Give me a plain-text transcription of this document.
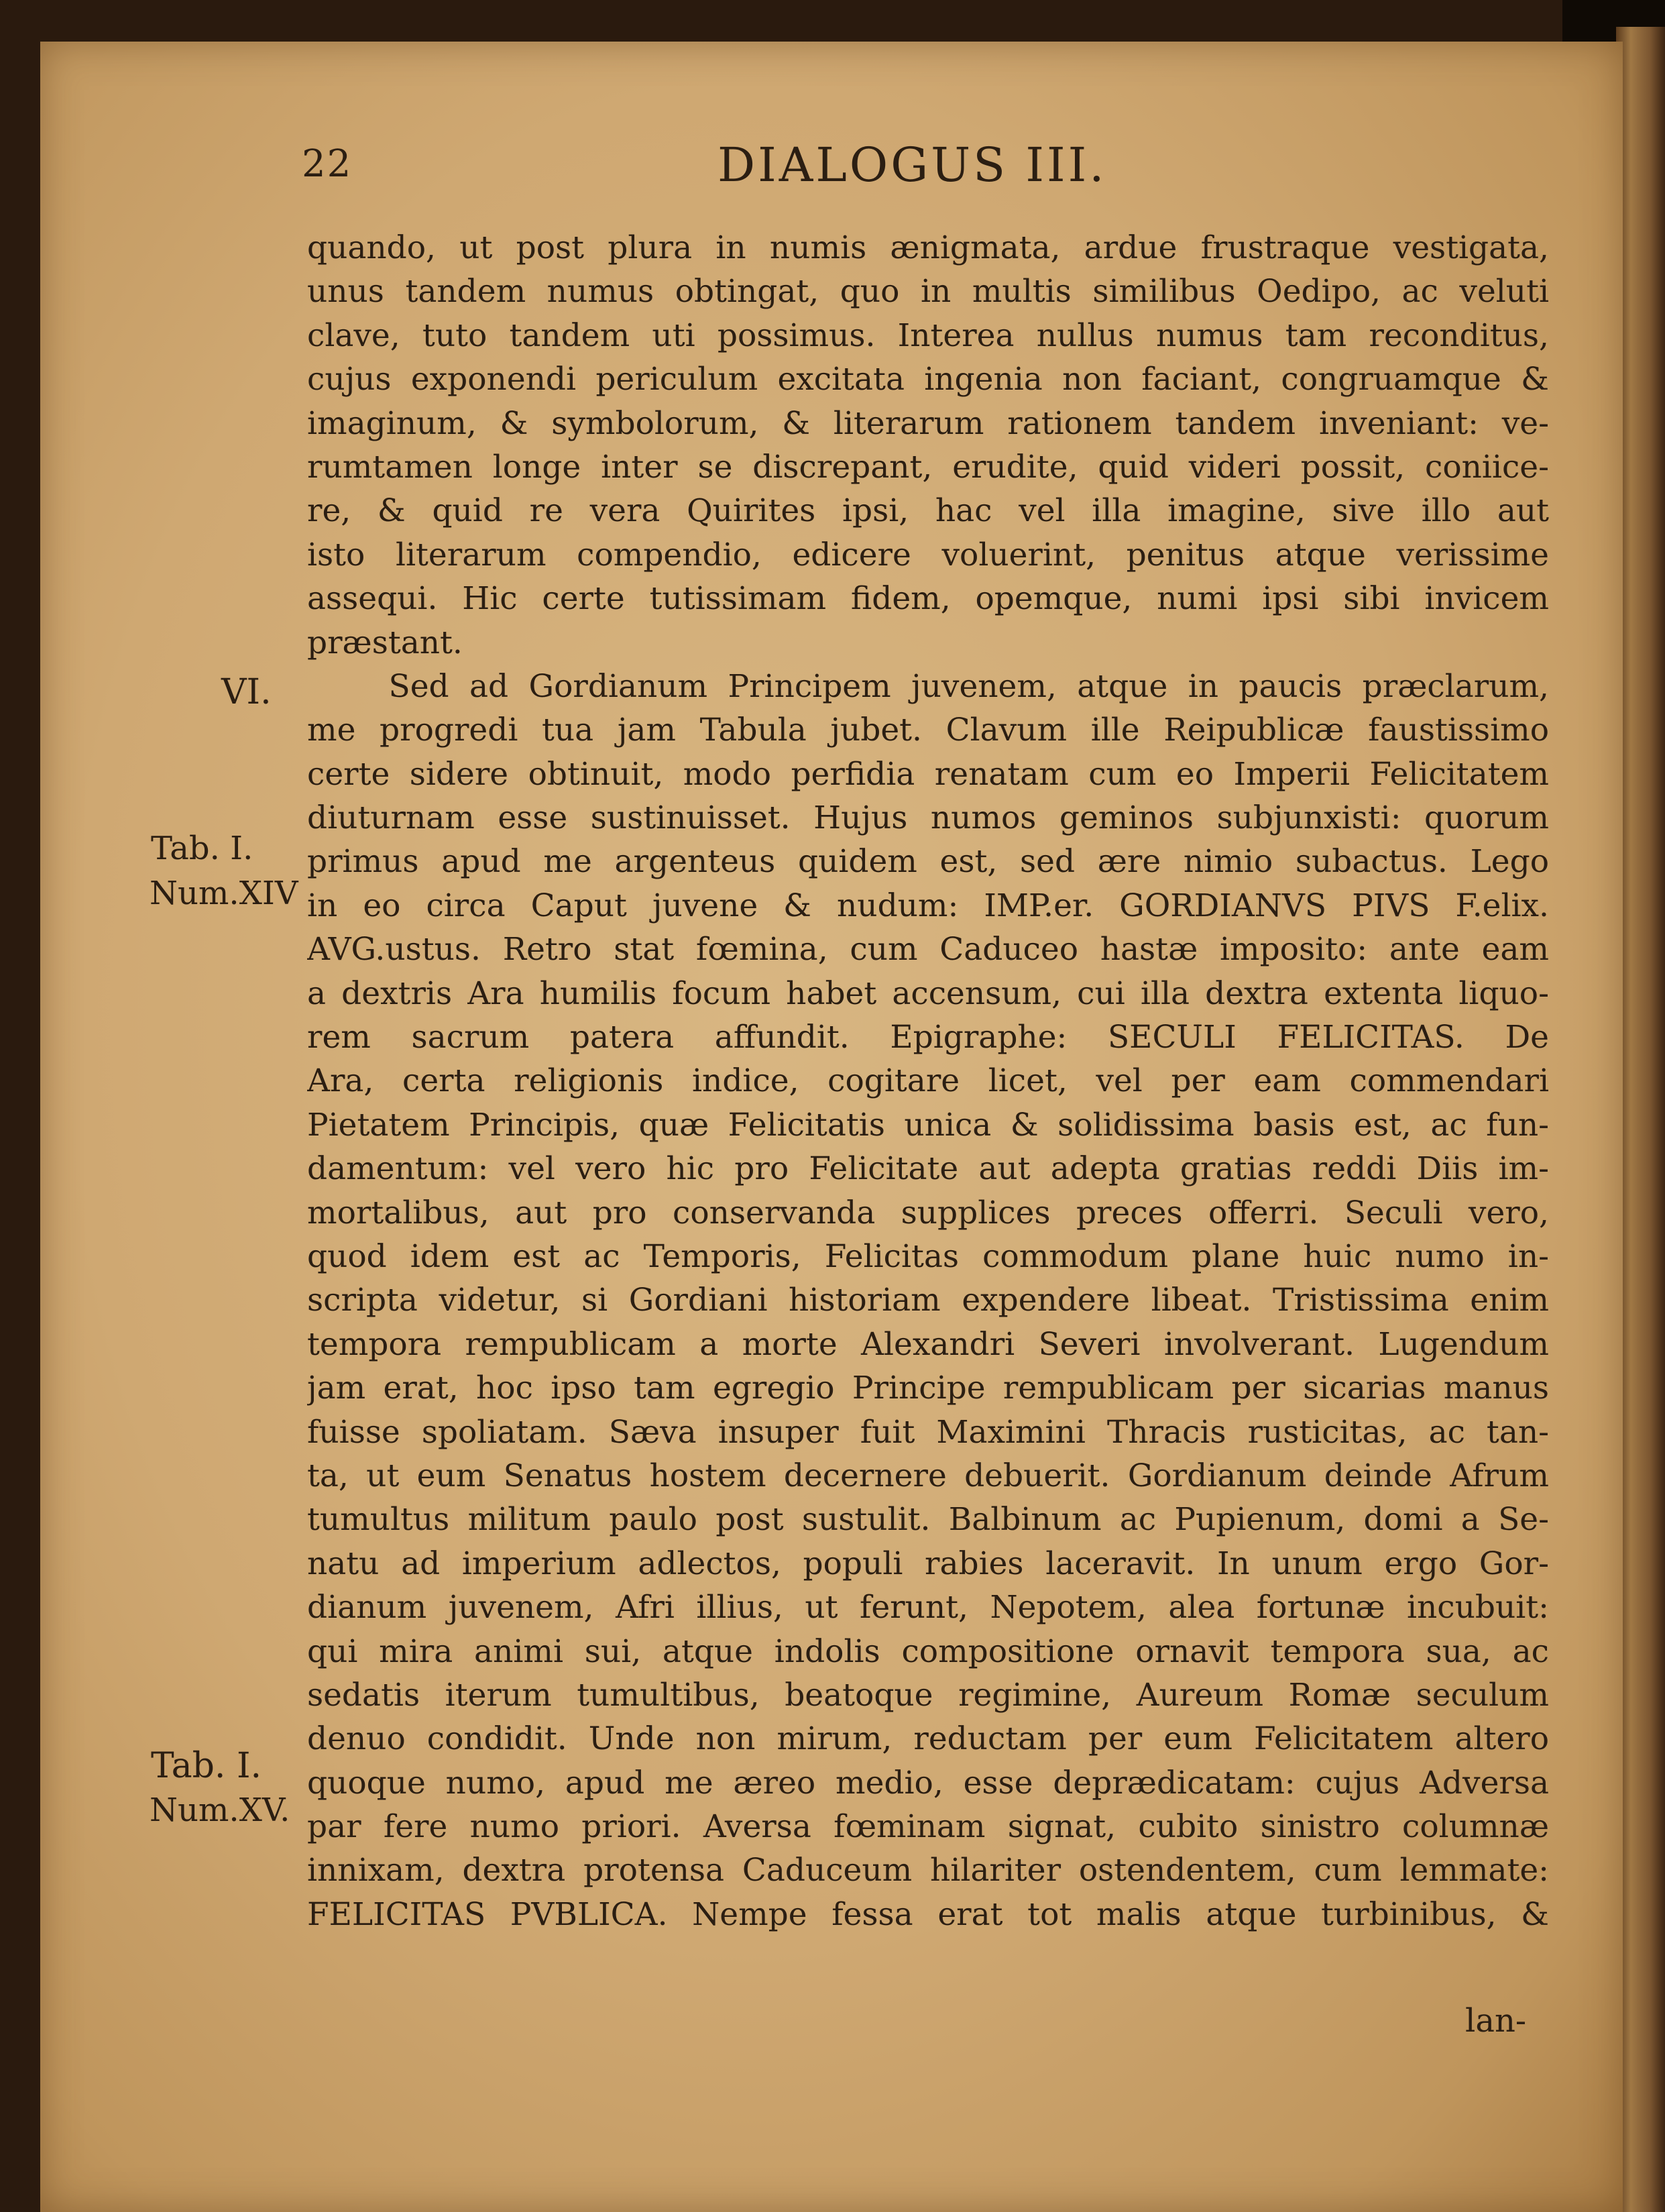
22	DIALOGUS III.
VI.
Tab. I.
Num.XIV
Tab. I.
Num.XV.
quando, ut post plura in numis ænigmata, ardue frustraque vestigata,
unus tandem numus obtingat, quo in multis similibus Oedipo, ac veluti
clave, tuto tandem uti possimus. Interea nullus numus tam reconditus,
cujus exponendi periculum excitata ingenia non faciant, congruamque &
imaginum, & symbolorum, & literarum rationem tandem inveniant: ve-
rumtamen longe inter se discrepant, erudite, quid videri possit, coniice-
re, & quid re vera Quirites ipsi, hac vel illa imagine, sive illo aut
isto literarum compendio, edicere voluerint, penitus atque verissime
assequi. Hic certe tutissimam fidem, opemque, numi ipsi sibi invicem
præstant.
Sed ad Gordianum Principem juvenem, atque in paucis præclarum,
me progredi tua jam Tabula jubet. Clavum ille Reipublicæ faustissimo
certe sidere obtinuit, modo perfidia renatam cum eo Imperii Felicitatem
diuturnam esse sustinuisset. Hujus numos geminos subjunxisti: quorum
primus apud me argenteus quidem est, sed ære nimio subactus. Lego
in eo circa Caput juvene & nudum: IMP.er. GORDIANVS PIVS F.elix.
AVG.ustus. Retro stat fœmina, cum Caduceo hastæ imposito: ante eam
a dextris Ara humilis focum habet accensum, cui illa dextra extenta liquo-
rem sacrum patera affundit. Epigraphe: SECULI FELICITAS. De
Ara, certa religionis indice, cogitare licet, vel per eam commendari
Pietatem Principis, quæ Felicitatis unica & solidissima basis est, ac fun-
damentum: vel vero hic pro Felicitate aut adepta gratias reddi Diis im-
mortalibus, aut pro conservanda supplices preces offerri. Seculi vero,
quod idem est ac Temporis, Felicitas commodum plane huic numo in-
scripta videtur, si Gordiani historiam expendere libeat. Tristissima enim
tempora rempublicam a morte Alexandri Severi involverant. Lugendum
jam erat, hoc ipso tam egregio Principe rempublicam per sicarias manus
fuisse spoliatam. Sæva insuper fuit Maximini Thracis rusticitas, ac tan-
ta, ut eum Senatus hostem decernere debuerit. Gordianum deinde Afrum
tumultus militum paulo post sustulit. Balbinum ac Pupienum, domi a Se-
natu ad imperium adlectos, populi rabies laceravit. In unum ergo Gor-
dianum juvenem, Afri illius, ut ferunt, Nepotem, alea fortunæ incubuit:
qui mira animi sui, atque indolis compositione ornavit tempora sua, ac
sedatis iterum tumultibus, beatoque regimine, Aureum Romæ seculum
denuo condidit. Unde non mirum, reductam per eum Felicitatem altero
quoque numo, apud me æreo medio, esse deprædicatam: cujus Adversa
par fere numo priori. Aversa fœminam signat, cubito sinistro columnæ
innixam, dextra protensa Caduceum hilariter ostendentem, cum lemmate:
FELICITAS PVBLICA. Nempe fessa erat tot malis atque turbinibus, &
lan-
